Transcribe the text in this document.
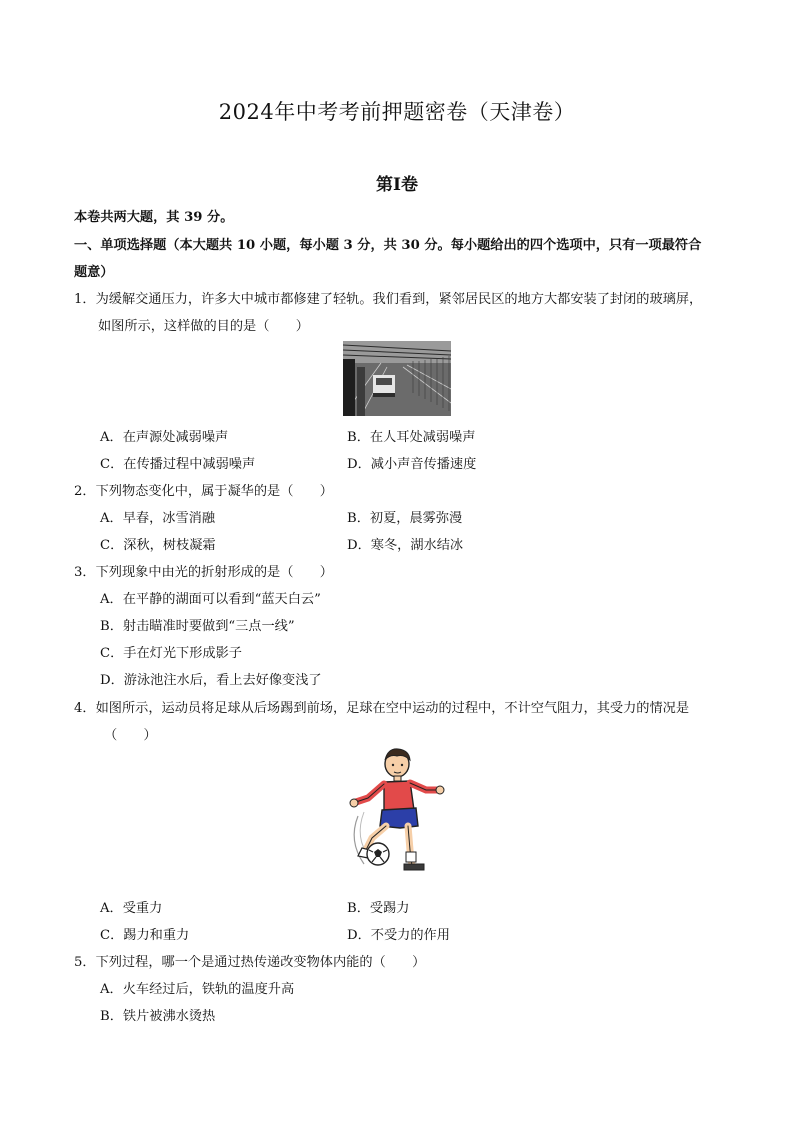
2024年中考考前押题密卷（天津卷）
第Ⅰ卷
本卷共两大题，其 39 分。
一、单项选择题（本大题共 10 小题，每小题 3 分，共 30 分。每小题给出的四个选项中，只有一项最符合
题意）
1．为缓解交通压力，许多大中城市都修建了轻轨。我们看到，紧邻居民区的地方大都安装了封闭的玻璃屏，
如图所示，这样做的目的是（　　）
A．在声源处减弱噪声	B．在人耳处减弱噪声
C．在传播过程中减弱噪声	D．减小声音传播速度
2．下列物态变化中，属于凝华的是（　　）
A．早春，冰雪消融	B．初夏，晨雾弥漫
C．深秋，树枝凝霜	D．寒冬，湖水结冰
3．下列现象中由光的折射形成的是（　　）
A．在平静的湖面可以看到“蓝天白云”
B．射击瞄准时要做到“三点一线”
C．手在灯光下形成影子
D．游泳池注水后，看上去好像变浅了
4．如图所示，运动员将足球从后场踢到前场，足球在空中运动的过程中，不计空气阻力，其受力的情况是
（　　）
A．受重力	B．受踢力
C．踢力和重力	D．不受力的作用
5．下列过程，哪一个是通过热传递改变物体内能的（　　）
A．火车经过后，铁轨的温度升高
B．铁片被沸水烫热
